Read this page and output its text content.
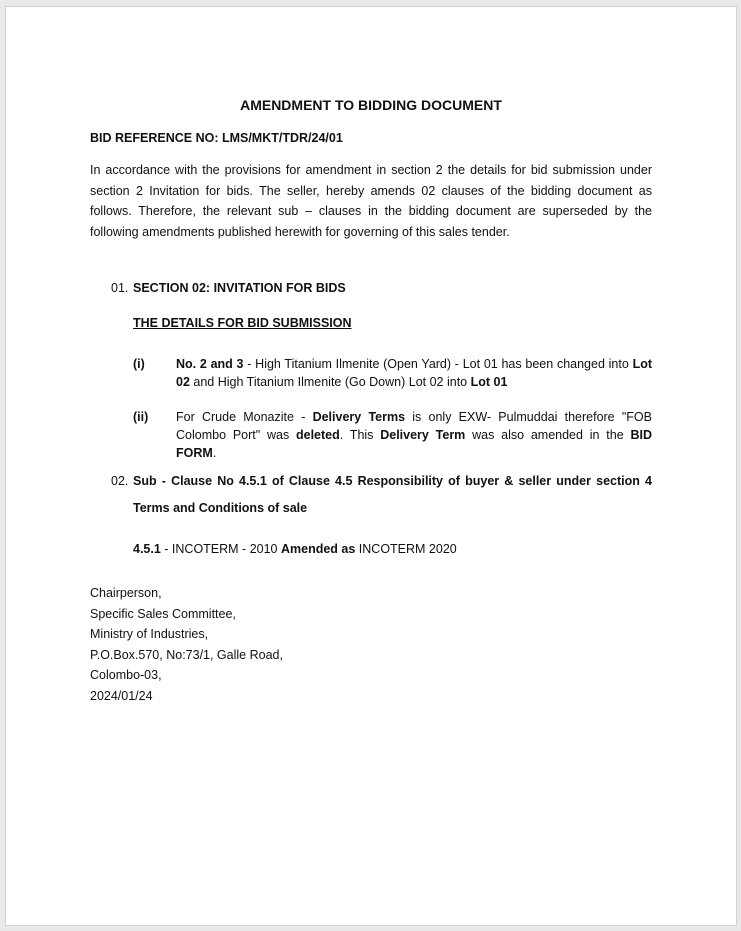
AMENDMENT TO BIDDING DOCUMENT
BID REFERENCE NO: LMS/MKT/TDR/24/01
In accordance with the provisions for amendment in section 2 the details for bid submission under section 2 Invitation for bids. The seller, hereby amends 02 clauses of the bidding document as follows. Therefore, the relevant sub – clauses in the bidding document are superseded by the following amendments published herewith for governing of this sales tender.
01. SECTION 02: INVITATION FOR BIDS
THE DETAILS FOR BID SUBMISSION
(i) No. 2 and 3 - High Titanium Ilmenite (Open Yard) - Lot 01 has been changed into Lot 02 and High Titanium Ilmenite (Go Down) Lot 02 into Lot 01
(ii) For Crude Monazite - Delivery Terms is only EXW- Pulmuddai therefore "FOB Colombo Port" was deleted. This Delivery Term was also amended in the BID FORM.
02. Sub - Clause No 4.5.1 of Clause 4.5 Responsibility of buyer & seller under section 4 Terms and Conditions of sale
4.5.1 - INCOTERM - 2010 Amended as INCOTERM 2020
Chairperson,
Specific Sales Committee,
Ministry of Industries,
P.O.Box.570, No:73/1, Galle Road,
Colombo-03,
2024/01/24
